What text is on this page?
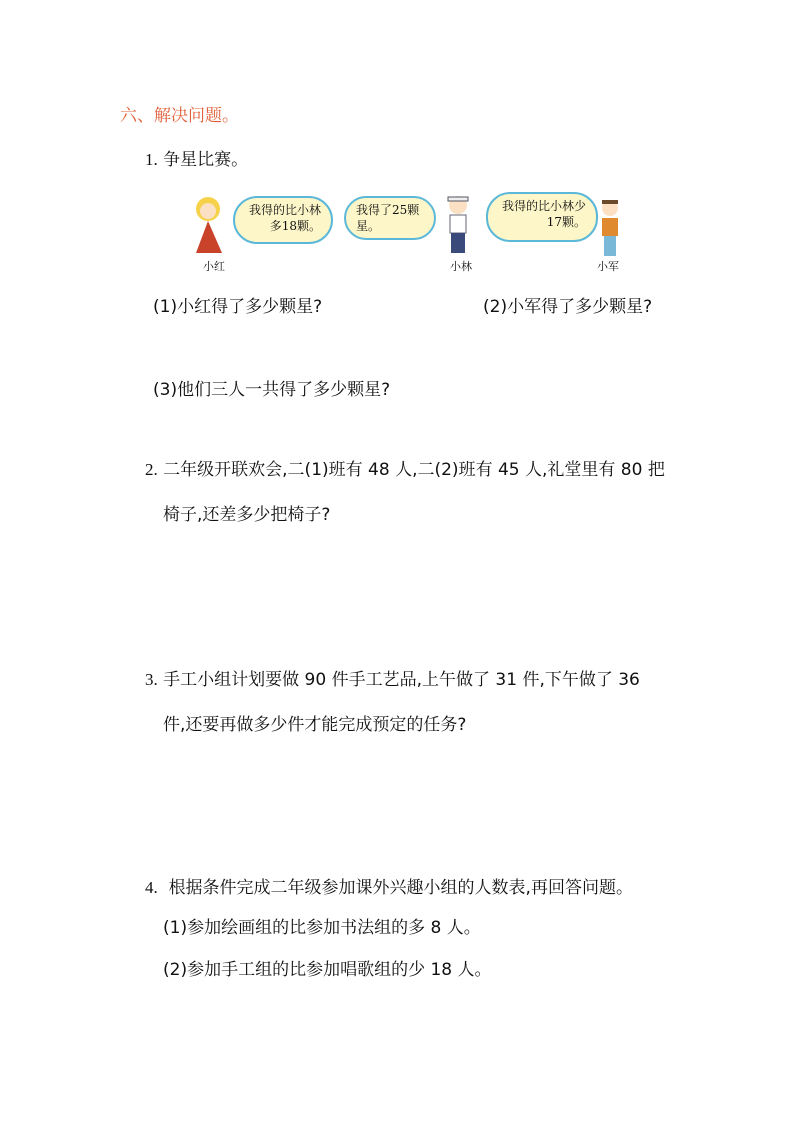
六、解决问题。
1. 争星比赛。
我得的比小林多18颗。
我得了25颗星。
我得的比小林少17颗。
小红	小林	小军
(1)小红得了多少颗星?	(2)小军得了多少颗星?
(3)他们三人一共得了多少颗星?
2. 二年级开联欢会,二(1)班有 48 人,二(2)班有 45 人,礼堂里有 80 把
椅子,还差多少把椅子?
3. 手工小组计划要做 90 件手工艺品,上午做了 31 件,下午做了 36
件,还要再做多少件才能完成预定的任务?
4. 根据条件完成二年级参加课外兴趣小组的人数表,再回答问题。
(1)参加绘画组的比参加书法组的多 8 人。
(2)参加手工组的比参加唱歌组的少 18 人。
